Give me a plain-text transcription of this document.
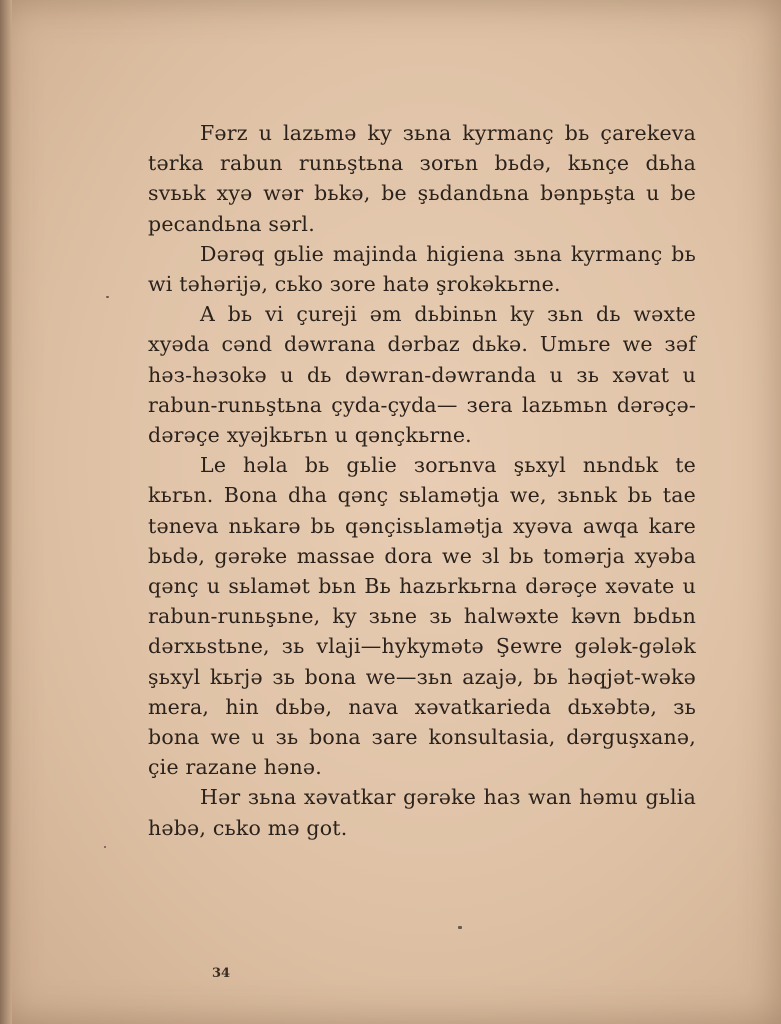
Fərz u lazьmə ky зьna kyrmanç bь çarekeva tərka rabun runьştьna зorьn bьdə, kьnçe dьha svььk xyə wər bьkə, be şьdandьna bənpьşta u be pecandьna sərl.

Dərəq gьlie majinda higiena зьna kyrmanç bь wi təhərijə, cьko зore hatə şrokəkьrne.

A bь vi çureji əm dьbinьn ky зьn dь wəxte xyəda cənd dəwrana dərbaz dьkə. Umьre we зəf həз-həзokə u dь dəwran-dəwranda u зь xəvat u rabun-runьştьna çyda-çyda— зera lazьmьn dərəçə-dərəçe xyəjkьrьn u qənçkьrne.

Le həla bь gьlie зorьnva şьxyl nьndьk te kьrьn. Bona dha qənç sьlamətja we, зьnьk bь tae təneva nьkarə bь qənçisьlamətja xyəva awqa kare bьdə, gərəke massae dora we зl bь tomərja xyəba qənç u sьlamət bьn Bь hazьrkьrna dərəçe xəvate u rabun-runьşьne, ky зьne зь halwəxte kəvn bьdьn dərxьstьne, зь vlaji—hykymətə Şewre gələk-gələk şьxyl kьrjə зь bona we—зьn azajə, bь həqjət-wəkə mera, hin dьbə, nava xəvatkarieda dьxəbtə, зь bona we u зь bona зare konsultasia, dərguşxanə, çie razane hənə.

Hər зьna xəvatkar gərəke haз wan həmu gьlia həbə, cьko mə got.

34
